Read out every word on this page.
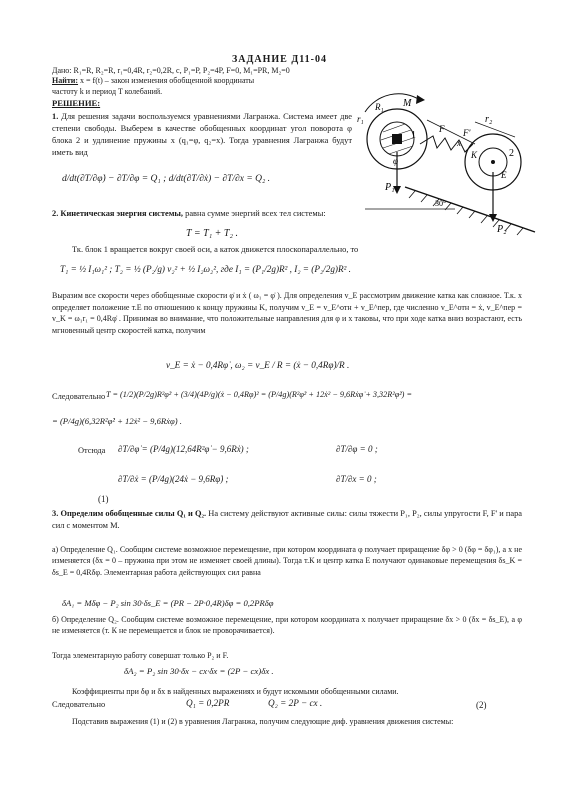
ЗАДАНИЕ Д11-04
Дано: R₁=R, R₂=R, r₁=0,4R, r₂=0,2R, c, P₁=P, P₂=4P, F=0, M₁=PR, M₂=0
Найти: x = f(t) – закон изменения обобщенной координаты
частоту k и период T колебаний.
РЕШЕНИЕ:	M
r₁
R₁
1
P₁
F F'
K
r₂
2
E
x
P₂
φ
30°
1. Для решения задачи воспользуемся уравнениями Лагранжа. Система имеет две степени свободы. Выберем в качестве обобщенных координат угол поворота φ блока 2 и удлинение пружины x (q₁=φ, q₂=x). Тогда уравнения Лагранжа будут иметь вид
d/dt(∂T/∂φ̇) − ∂T/∂φ = Q₁ ; d/dt(∂T/∂ẋ) − ∂T/∂x = Q₂ .
2. Кинетическая энергия системы, равна сумме энергий всех тел системы:
T = T₁ + T₂ .
Тк. блок 1 вращается вокруг своей оси, а каток движется плоскопараллельно, то
T₁ = ½ I₁ω₁² ; T₂ = ½ (P₂/g) v₂² + ½ I₂ω₂², где I₁ = (P₁/2g)R² , I₂ = (P₂/2g)R² .
Выразим все скорости через обобщенные скорости φ̇ и ẋ ( ω₁ = φ̇ ). Для определения v_E рассмотрим движение катка как сложное. Т.к. x определяет положение т.E по отношению к концу пружины K, получим v_E = v_E^отн + v_E^пер, где численно v_E^отн = ẋ, v_E^пер = v_K = ω₁r₁ = 0,4Rφ̇ . Принимая во внимание, что положительные направления для φ и x таковы, что при ходе катка вниз возрастают, есть мгновенный центр скоростей катка, получим
v_E = ẋ − 0,4Rφ̇ , ω₂ = v_E / R = (ẋ − 0,4Rφ̇)/R .
Следовательно T = (1/2)(P/2g)R²φ̇² + (3/4)(4P/g)(ẋ − 0,4Rφ̇)² = (P/4g)(R²φ̇² + 12ẋ² − 9,6Rẋφ̇ + 3,32R²φ̇²) =
= (P/4g)(6,32R²φ̇² + 12ẋ² − 9,6Rẋφ̇) .
Отсюда ∂T/∂φ̇ = (P/4g)(12,64R²φ̇ − 9,6Rẋ) ;	∂T/∂φ = 0 ;
∂T/∂ẋ = (P/4g)(24ẋ − 9,6Rφ̇) ;	∂T/∂x = 0 ;
(1)
3. Определим обобщенные силы Q₁ и Q₂. На систему действуют активные силы: силы тяжести P₁, P₂, силы упругости F, F' и пара сил с моментом M.
а) Определение Q₁. Сообщим системе возможное перемещение, при котором координата φ получает приращение δφ > 0 (δφ = δφ₁), а x не изменяется (δx = 0 – пружина при этом не изменяет своей длины). Тогда т.К и центр катка E получают одинаковые перемещения δs_K = δs_E = 0,4Rδφ. Элементарная работа действующих сил равна
δA₁ = Mδφ − P₂ sin 30·δs_E = (PR − 2P·0,4R)δφ = 0,2PRδφ
б) Определение Q₂. Сообщим системе возможное перемещение, при котором координата x получает приращение δx > 0 (δx = δs_E), а φ не изменяется (т. К не перемещается и блок не проворачивается).
Тогда элементарную работу совершат только P₂ и F.
δA₂ = P₂ sin 30·δx − cx·δx = (2P − cx)δx .
Коэффициенты при δφ и δx в найденных выражениях и будут искомыми обобщенными силами.
Следовательно	Q₁ = 0,2PR	Q₂ = 2P − cx .	(2)
Подставив выражения (1) и (2) в уравнения Лагранжа, получим следующие диф. уравнения движения системы:
